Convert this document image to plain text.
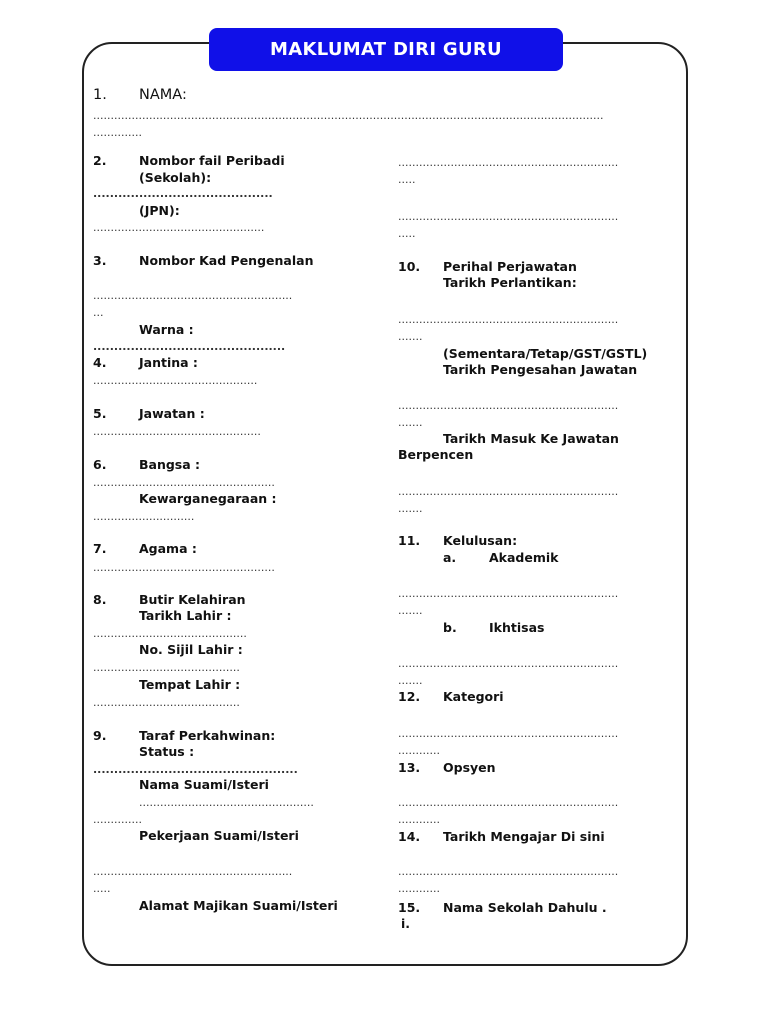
MAKLUMAT DIRI GURU
1. NAMA:
..................................................................................................................................................
..............
2.	Nombor fail Peribadi
(Sekolah):
...........................................
(JPN):
.................................................
3.	Nombor Kad Pengenalan
.........................................................
...
Warna :
..............................................
4.	Jantina :
...............................................
5.	Jawatan :
................................................
6.	Bangsa :
....................................................
Kewarganegaraan :
.............................
7.	Agama :
....................................................
8.	Butir Kelahiran
Tarikh Lahir :
............................................
No. Sijil Lahir :
..........................................
Tempat Lahir :
..........................................
9.	Taraf Perkahwinan:
Status :
.................................................
Nama Suami/Isteri
..................................................
..............
Pekerjaan Suami/Isteri
.........................................................
.....
Alamat Majikan Suami/Isteri
...............................................................
.....
...............................................................
.....
10. Perihal Perjawatan
Tarikh Perlantikan:
...............................................................
.......
(Sementara/Tetap/GST/GSTL)
Tarikh Pengesahan Jawatan
...............................................................
.......
Tarikh Masuk Ke Jawatan
Berpencen
...............................................................
.......
11. Kelulusan:
a.	Akademik
...............................................................
.......
b.	Ikhtisas
...............................................................
.......
12. Kategori
...............................................................
............
13. Opsyen
...............................................................
............
14. Tarikh Mengajar Di sini
...............................................................
............
15. Nama Sekolah Dahulu .
i.
